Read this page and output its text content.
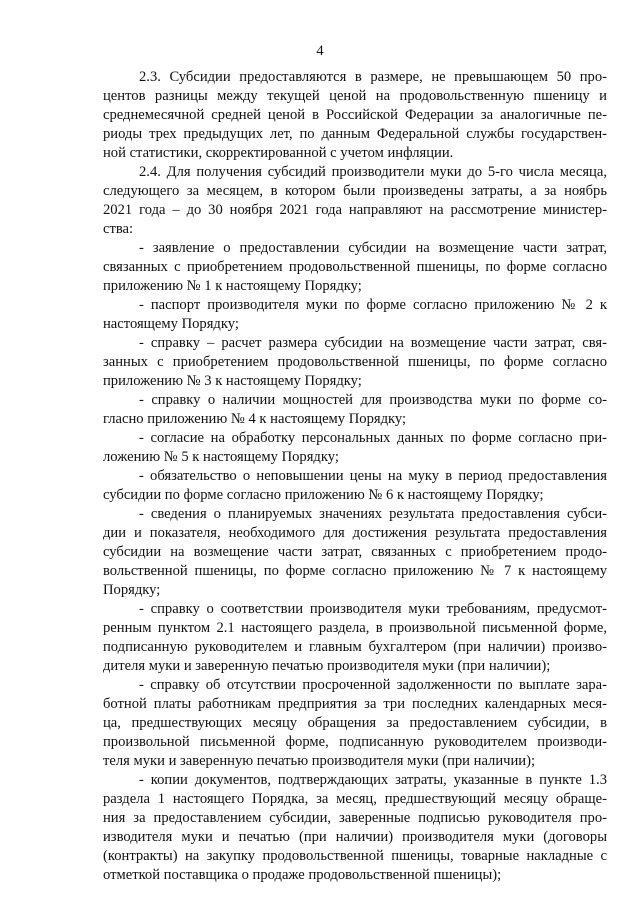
4
2.3. Субсидии предоставляются в размере, не превышающем 50 про-
центов разницы между текущей ценой на продовольственную пшеницу и
среднемесячной средней ценой в Российской Федерации за аналогичные пе-
риоды трех предыдущих лет, по данным Федеральной службы государствен-
ной статистики, скорректированной с учетом инфляции.
2.4. Для получения субсидий производители муки до 5-го числа месяца,
следующего за месяцем, в котором были произведены затраты, а за ноябрь
2021 года – до 30 ноября 2021 года направляют на рассмотрение министер-
ства:
- заявление о предоставлении субсидии на возмещение части затрат,
связанных с приобретением продовольственной пшеницы, по форме согласно
приложению № 1 к настоящему Порядку;
- паспорт производителя муки по форме согласно приложению № 2 к
настоящему Порядку;
- справку – расчет размера субсидии на возмещение части затрат, свя-
занных с приобретением продовольственной пшеницы, по форме согласно
приложению № 3 к настоящему Порядку;
- справку о наличии мощностей для производства муки по форме со-
гласно приложению № 4 к настоящему Порядку;
- согласие на обработку персональных данных по форме согласно при-
ложению № 5 к настоящему Порядку;
- обязательство о неповышении цены на муку в период предоставления
субсидии по форме согласно приложению № 6 к настоящему Порядку;
- сведения о планируемых значениях результата предоставления субси-
дии и показателя, необходимого для достижения результата предоставления
субсидии на возмещение части затрат, связанных с приобретением продо-
вольственной пшеницы, по форме согласно приложению № 7 к настоящему
Порядку;
- справку о соответствии производителя муки требованиям, предусмот-
ренным пунктом 2.1 настоящего раздела, в произвольной письменной форме,
подписанную руководителем и главным бухгалтером (при наличии) произво-
дителя муки и заверенную печатью производителя муки (при наличии);
- справку об отсутствии просроченной задолженности по выплате зара-
ботной платы работникам предприятия за три последних календарных меся-
ца, предшествующих месяцу обращения за предоставлением субсидии, в
произвольной письменной форме, подписанную руководителем производи-
теля муки и заверенную печатью производителя муки (при наличии);
- копии документов, подтверждающих затраты, указанные в пункте 1.3
раздела 1 настоящего Порядка, за месяц, предшествующий месяцу обраще-
ния за предоставлением субсидии, заверенные подписью руководителя про-
изводителя муки и печатью (при наличии) производителя муки (договоры
(контракты) на закупку продовольственной пшеницы, товарные накладные с
отметкой поставщика о продаже продовольственной пшеницы);
